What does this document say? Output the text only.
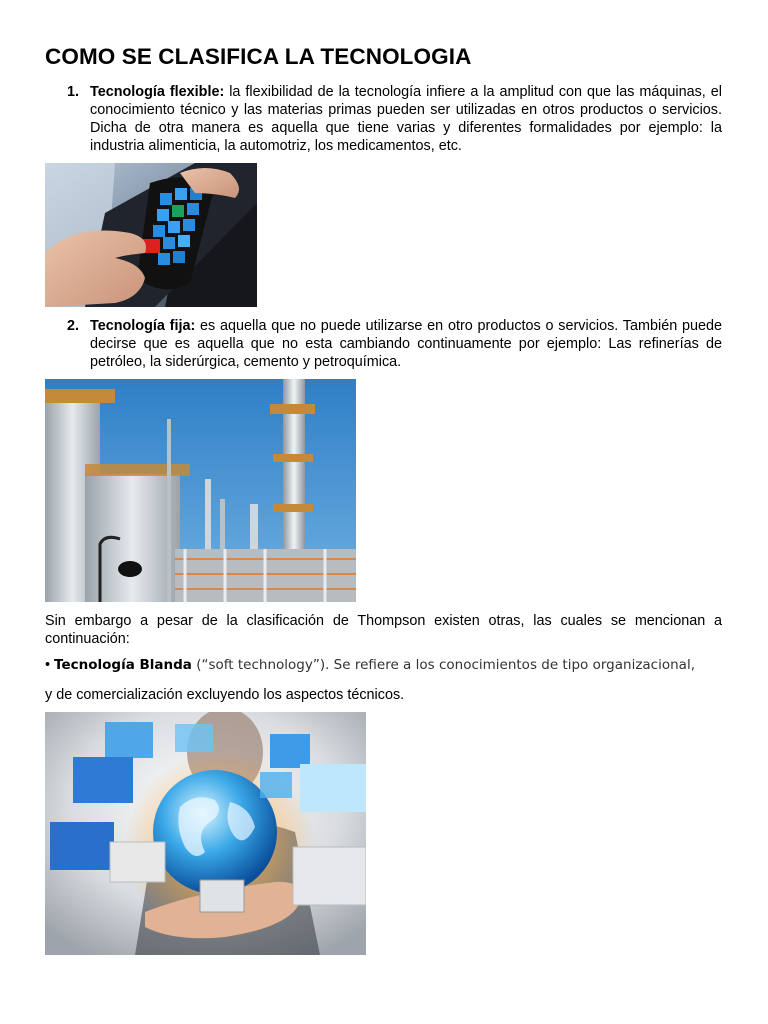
COMO SE CLASIFICA LA TECNOLOGIA
1. Tecnología flexible: la flexibilidad de la tecnología infiere a la amplitud con que las máquinas, el conocimiento técnico y las materias primas pueden ser utilizadas en otros productos o servicios. Dicha de otra manera es aquella que tiene varias y diferentes formalidades por ejemplo: la industria alimenticia, la automotriz, los medicamentos, etc.
2. Tecnología fija: es aquella que no puede utilizarse en otro productos o servicios. También puede decirse que es aquella que no esta cambiando continuamente por ejemplo: Las refinerías de petróleo, la siderúrgica, cemento y petroquímica.
Sin embargo a pesar de la clasificación de Thompson existen otras, las cuales se mencionan a continuación:
• Tecnología Blanda (“soft technology”). Se refiere a los conocimientos de tipo organizacional,
y de comercialización excluyendo los aspectos técnicos.
